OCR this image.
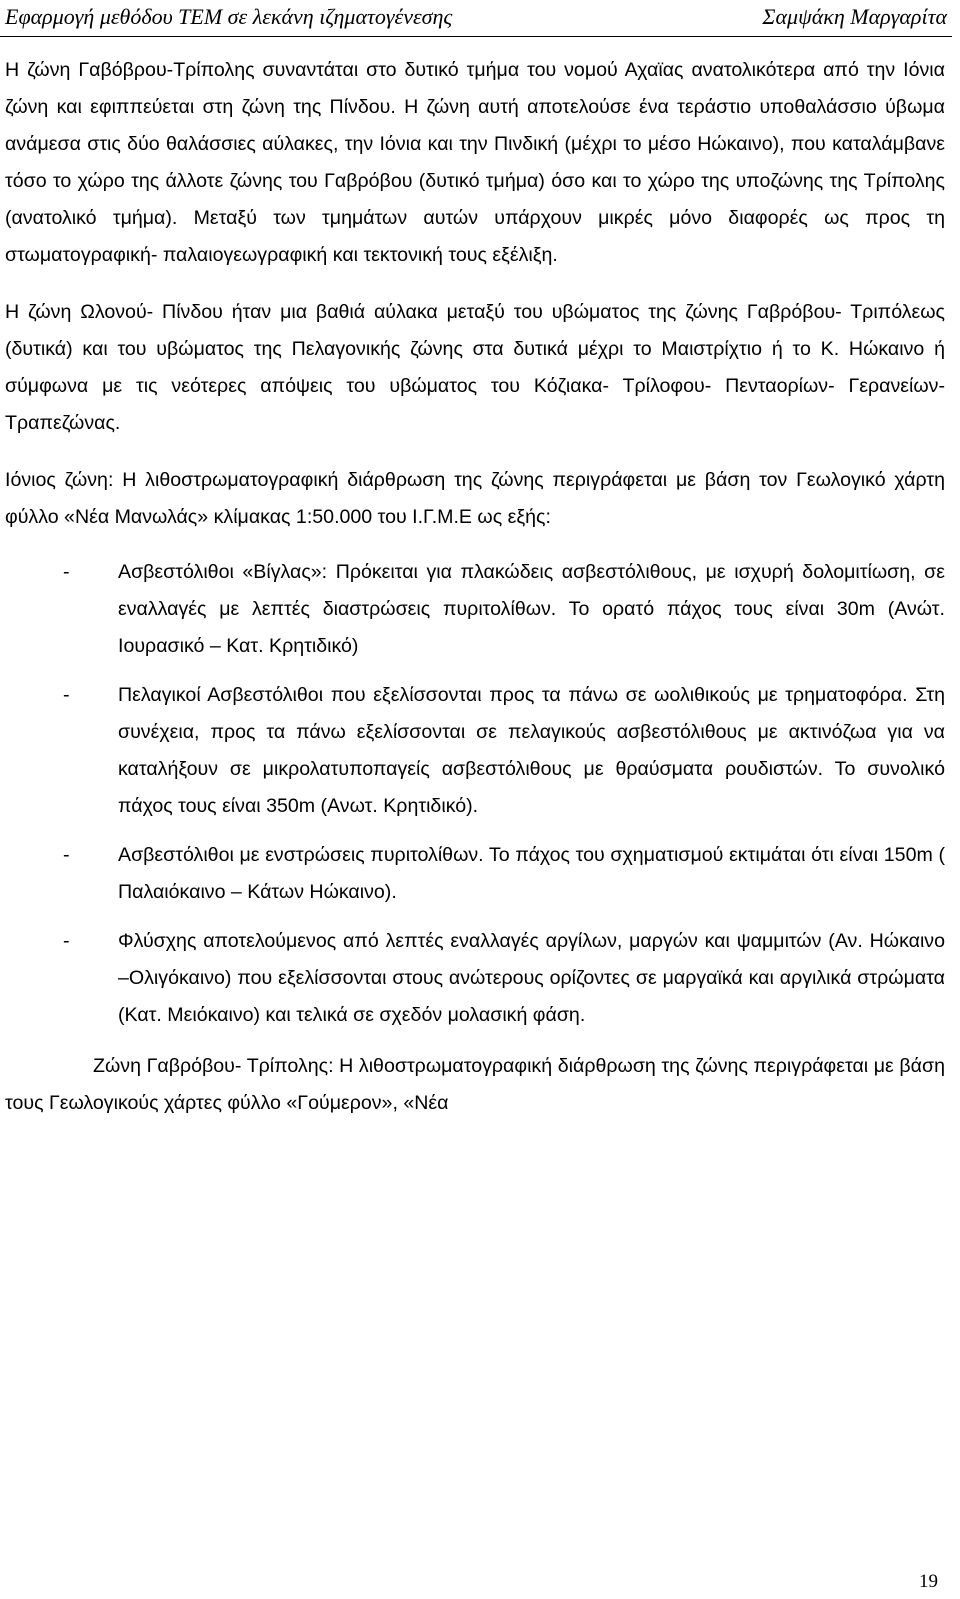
Εφαρμογή μεθόδου ΤΕΜ σε λεκάνη ιζηματογένεσης	Σαμψάκη Μαργαρίτα

Η ζώνη Γαβόβρου-Τρίπολης συναντάται στο δυτικό τμήμα του νομού Αχαϊας ανατολικότερα από την Ιόνια ζώνη και εφιππεύεται στη ζώνη της Πίνδου. Η ζώνη αυτή αποτελούσε ένα τεράστιο υποθαλάσσιο ύβωμα ανάμεσα στις δύο θαλάσσιες αύλακες, την Ιόνια και την Πινδική (μέχρι το μέσο Ηώκαινο), που καταλάμβανε τόσο το χώρο της άλλοτε ζώνης του Γαβρόβου (δυτικό τμήμα) όσο και το χώρο της υποζώνης της Τρίπολης (ανατολικό τμήμα). Μεταξύ των τμημάτων αυτών υπάρχουν μικρές μόνο διαφορές ως προς τη στωματογραφική- παλαιογεωγραφική και τεκτονική τους εξέλιξη.

Η ζώνη Ωλονού- Πίνδου ήταν μια βαθιά αύλακα μεταξύ του υβώματος της ζώνης Γαβρόβου- Τριπόλεως (δυτικά) και του υβώματος της Πελαγονικής ζώνης στα δυτικά μέχρι το Μαιστρίχτιο ή το Κ. Ηώκαινο ή σύμφωνα με τις νεότερες απόψεις του υβώματος του Κόζιακα- Τρίλοφου- Πενταορίων- Γερανείων- Τραπεζώνας.

Ιόνιος ζώνη: Η λιθοστρωματογραφική διάρθρωση της ζώνης περιγράφεται με βάση τον Γεωλογικό χάρτη φύλλο «Νέα Μανωλάς» κλίμακας 1:50.000 του Ι.Γ.Μ.Ε ως εξής:

- Ασβεστόλιθοι «Βίγλας»: Πρόκειται για πλακώδεις ασβεστόλιθους, με ισχυρή δολομιτίωση, σε εναλλαγές με λεπτές διαστρώσεις πυριτολίθων. Το ορατό πάχος τους είναι 30m (Ανώτ. Ιουρασικό – Κατ. Κρητιδικό)
- Πελαγικοί Ασβεστόλιθοι που εξελίσσονται προς τα πάνω σε ωολιθικούς με τρηματοφόρα. Στη συνέχεια, προς τα πάνω εξελίσσονται σε πελαγικούς ασβεστόλιθους με ακτινόζωα για να καταλήξουν σε μικρολατυποπαγείς ασβεστόλιθους με θραύσματα ρουδιστών. Το συνολικό πάχος τους είναι 350m (Ανωτ. Κρητιδικό).
- Ασβεστόλιθοι με ενστρώσεις πυριτολίθων. Το πάχος του σχηματισμού εκτιμάται ότι είναι 150m ( Παλαιόκαινο – Κάτων Ηώκαινο).
- Φλύσχης αποτελούμενος από λεπτές εναλλαγές αργίλων, μαργών και ψαμμιτών (Αν. Ηώκαινο –Ολιγόκαινο) που εξελίσσονται στους ανώτερους ορίζοντες σε μαργαϊκά και αργιλικά στρώματα (Κατ. Μειόκαινο) και τελικά σε σχεδόν μολασική φάση.

Ζώνη Γαβρόβου- Τρίπολης: Η λιθοστρωματογραφική διάρθρωση της ζώνης περιγράφεται με βάση τους Γεωλογικούς χάρτες φύλλο «Γούμερον», «Νέα

19
